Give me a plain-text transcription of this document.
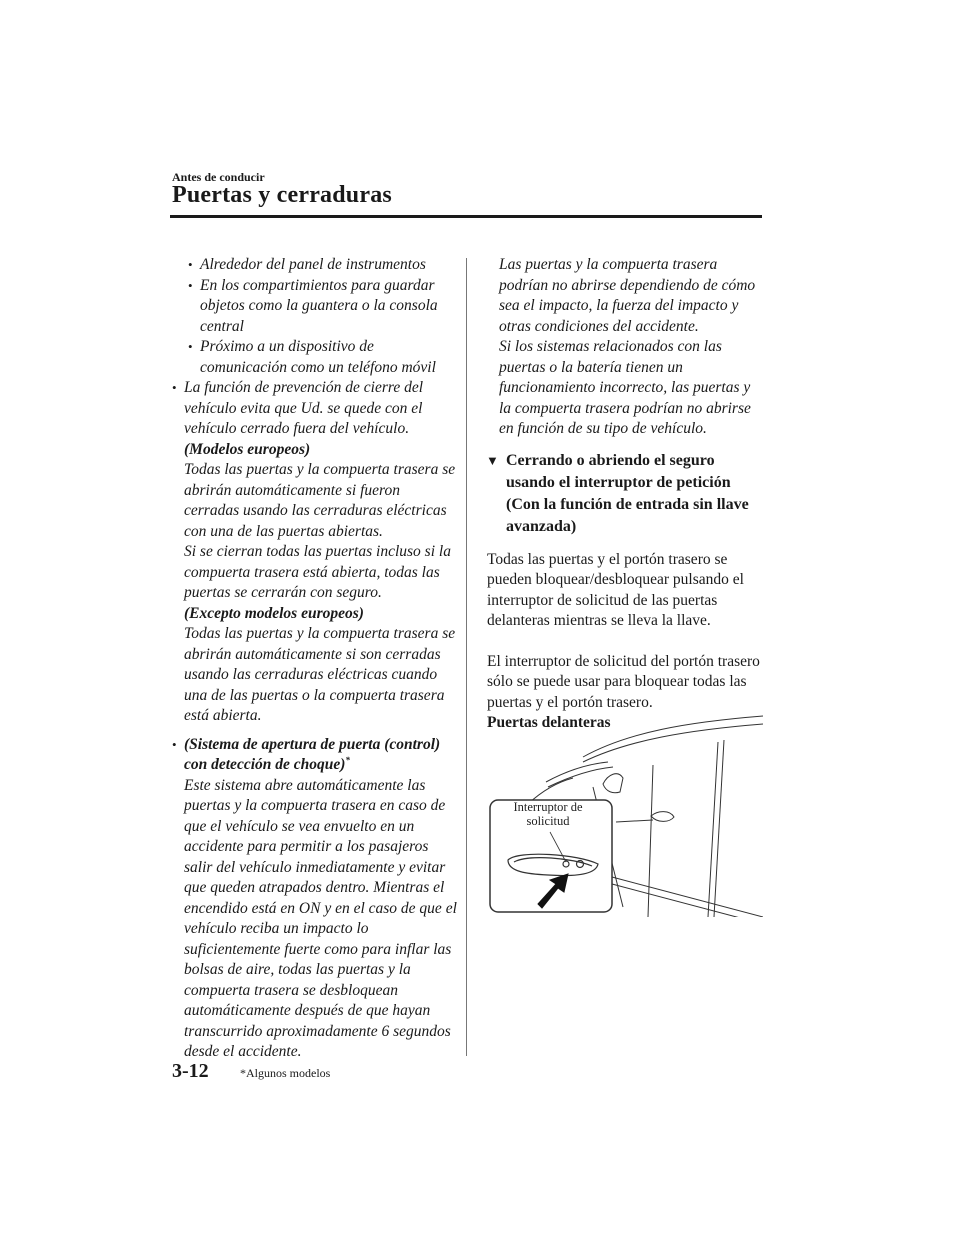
Antes de conducir
Puertas y cerraduras
• Alrededor del panel de instrumentos
• En los compartimientos para guardar objetos como la guantera o la consola central
• Próximo a un dispositivo de comunicación como un teléfono móvil
• La función de prevención de cierre del vehículo evita que Ud. se quede con el vehículo cerrado fuera del vehículo.
(Modelos europeos)
Todas las puertas y la compuerta trasera se abrirán automáticamente si fueron cerradas usando las cerraduras eléctricas con una de las puertas abiertas.
Si se cierran todas las puertas incluso si la compuerta trasera está abierta, todas las puertas se cerrarán con seguro.
(Excepto modelos europeos)
Todas las puertas y la compuerta trasera se abrirán automáticamente si son cerradas usando las cerraduras eléctricas cuando una de las puertas o la compuerta trasera está abierta.
• (Sistema de apertura de puerta (control) con detección de choque)*
Este sistema abre automáticamente las puertas y la compuerta trasera en caso de que el vehículo se vea envuelto en un accidente para permitir a los pasajeros salir del vehículo inmediatamente y evitar que queden atrapados dentro. Mientras el encendido está en ON y en el caso de que el vehículo reciba un impacto lo suficientemente fuerte como para inflar las bolsas de aire, todas las puertas y la compuerta trasera se desbloquean automáticamente después de que hayan transcurrido aproximadamente 6 segundos desde el accidente.
Las puertas y la compuerta trasera podrían no abrirse dependiendo de cómo sea el impacto, la fuerza del impacto y otras condiciones del accidente.
Si los sistemas relacionados con las puertas o la batería tienen un funcionamiento incorrecto, las puertas y la compuerta trasera podrían no abrirse en función de su tipo de vehículo.
▼ Cerrando o abriendo el seguro usando el interruptor de petición (Con la función de entrada sin llave avanzada)
Todas las puertas y el portón trasero se pueden bloquear/desbloquear pulsando el interruptor de solicitud de las puertas delanteras mientras se lleva la llave.
El interruptor de solicitud del portón trasero sólo se puede usar para bloquear todas las puertas y el portón trasero.
Puertas delanteras
Interruptor de solicitud
3-12	*Algunos modelos
